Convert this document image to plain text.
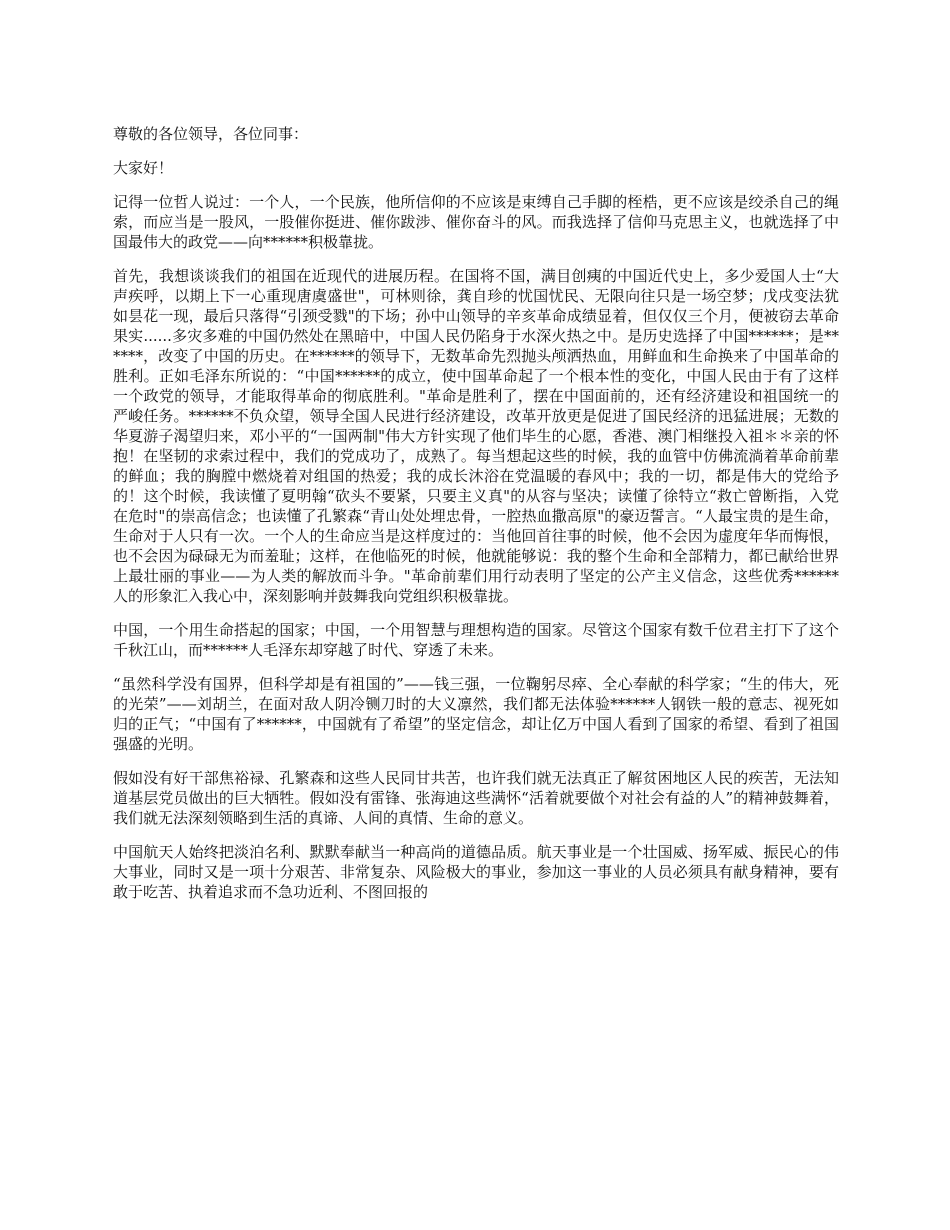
尊敬的各位领导，各位同事：

大家好！

记得一位哲人说过：一个人，一个民族，他所信仰的不应该是束缚自己手脚的桎梏，更不应该是绞杀自己的绳索，而应当是一股风，一股催你挺进、催你跋涉、催你奋斗的风。而我选择了信仰马克思主义，也就选择了中国最伟大的政党——向******积极靠拢。

首先，我想谈谈我们的祖国在近现代的进展历程。在国将不国，满目创痍的中国近代史上，多少爱国人士“大声疾呼，以期上下一心重现唐虞盛世"，可林则徐，龚自珍的忧国忧民、无限向往只是一场空梦；戊戌变法犹如昙花一现，最后只落得“引颈受戮"的下场；孙中山领导的辛亥革命成绩显着，但仅仅三个月，便被窃去革命果实......多灾多难的中国仍然处在黑暗中，中国人民仍陷身于水深火热之中。是历史选择了中国******；是******，改变了中国的历史。在******的领导下，无数革命先烈抛头颅洒热血，用鲜血和生命换来了中国革命的胜利。正如毛泽东所说的：“中国******的成立，使中国革命起了一个根本性的变化，中国人民由于有了这样一个政党的领导，才能取得革命的彻底胜利。"革命是胜利了，摆在中国面前的，还有经济建设和祖国统一的严峻任务。******不负众望，领导全国人民进行经济建设，改革开放更是促进了国民经济的迅猛进展；无数的华夏游子渴望归来，邓小平的“一国两制"伟大方针实现了他们毕生的心愿，香港、澳门相继投入祖＊＊亲的怀抱！在坚韧的求索过程中，我们的党成功了，成熟了。每当想起这些的时候，我的血管中仿佛流淌着革命前辈的鲜血；我的胸膛中燃烧着对组国的热爱；我的成长沐浴在党温暖的春风中；我的一切，都是伟大的党给予的！这个时候，我读懂了夏明翰“砍头不要紧，只要主义真"的从容与坚决；读懂了徐特立“救亡曾断指，入党在危时"的崇高信念；也读懂了孔繁森“青山处处埋忠骨，一腔热血撒高原"的豪迈誓言。“人最宝贵的是生命，生命对于人只有一次。一个人的生命应当是这样度过的：当他回首往事的时候，他不会因为虚度年华而悔恨，也不会因为碌碌无为而羞耻；这样，在他临死的时候，他就能够说：我的整个生命和全部精力，都已献给世界上最壮丽的事业——为人类的解放而斗争。"革命前辈们用行动表明了坚定的公产主义信念，这些优秀******人的形象汇入我心中，深刻影响并鼓舞我向党组织积极靠拢。

中国，一个用生命搭起的国家；中国，一个用智慧与理想构造的国家。尽管这个国家有数千位君主打下了这个千秋江山，而******人毛泽东却穿越了时代、穿透了未来。

“虽然科学没有国界，但科学却是有祖国的”——钱三强，一位鞠躬尽瘁、全心奉献的科学家；“生的伟大，死的光荣”——刘胡兰，在面对敌人阴冷铡刀时的大义凛然，我们都无法体验******人钢铁一般的意志、视死如归的正气；“中国有了******，中国就有了希望”的坚定信念，却让亿万中国人看到了国家的希望、看到了祖国强盛的光明。

假如没有好干部焦裕禄、孔繁森和这些人民同甘共苦，也许我们就无法真正了解贫困地区人民的疾苦，无法知道基层党员做出的巨大牺牲。假如没有雷锋、张海迪这些满怀“活着就要做个对社会有益的人”的精神鼓舞着，我们就无法深刻领略到生活的真谛、人间的真情、生命的意义。

中国航天人始终把淡泊名利、默默奉献当一种高尚的道德品质。航天事业是一个壮国威、扬军威、振民心的伟大事业，同时又是一项十分艰苦、非常复杂、风险极大的事业，参加这一事业的人员必须具有献身精神，要有敢于吃苦、执着追求而不急功近利、不图回报的
